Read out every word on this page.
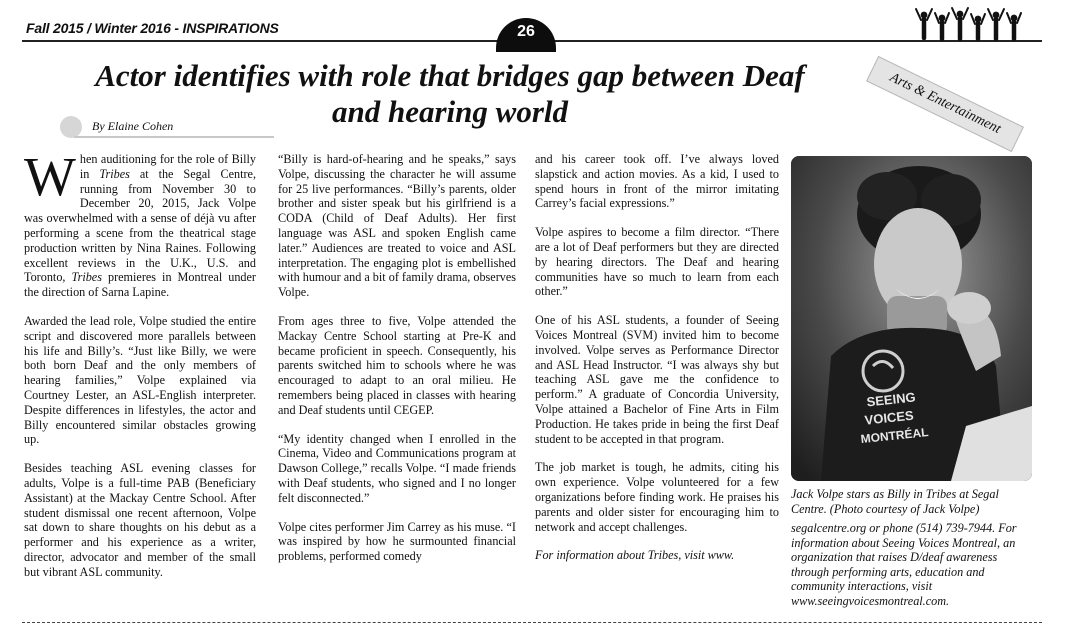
Fall 2015 / Winter 2016 - INSPIRATIONS	26
Arts & Entertainment
Actor identifies with role that bridges gap between Deaf and hearing world
By Elaine Cohen

When auditioning for the role of Billy in Tribes at the Segal Centre, running from November 30 to December 20, 2015, Jack Volpe was overwhelmed with a sense of déjà vu after performing a scene from the theatrical stage production written by Nina Raines. Following excellent reviews in the U.K., U.S. and Toronto, Tribes premieres in Montreal under the direction of Sarna Lapine.

Awarded the lead role, Volpe studied the entire script and discovered more parallels between his life and Billy’s. “Just like Billy, we were both born Deaf and the only members of hearing families,” Volpe explained via Courtney Lester, an ASL-English interpreter. Despite differences in lifestyles, the actor and Billy encountered similar obstacles growing up.

Besides teaching ASL evening classes for adults, Volpe is a full-time PAB (Beneficiary Assistant) at the Mackay Centre School. After student dismissal one recent afternoon, Volpe sat down to share thoughts on his debut as a performer and his experience as a writer, director, advocator and member of the small but vibrant ASL community.

“Billy is hard-of-hearing and he speaks,” says Volpe, discussing the character he will assume for 25 live performances. “Billy’s parents, older brother and sister speak but his girlfriend is a CODA (Child of Deaf Adults). Her first language was ASL and spoken English came later.” Audiences are treated to voice and ASL interpretation. The engaging plot is embellished with humour and a bit of family drama, observes Volpe.

From ages three to five, Volpe attended the Mackay Centre School starting at Pre-K and became proficient in speech. Consequently, his parents switched him to schools where he was encouraged to adapt to an oral milieu. He remembers being placed in classes with hearing and Deaf students until CEGEP.

“My identity changed when I enrolled in the Cinema, Video and Communications program at Dawson College,” recalls Volpe. “I made friends with Deaf students, who signed and I no longer felt disconnected.”

Volpe cites performer Jim Carrey as his muse. “I was inspired by how he surmounted financial problems, performed comedy

and his career took off. I’ve always loved slapstick and action movies. As a kid, I used to spend hours in front of the mirror imitating Carrey’s facial expressions.”

Volpe aspires to become a film director. “There are a lot of Deaf performers but they are directed by hearing directors. The Deaf and hearing communities have so much to learn from each other.”

One of his ASL students, a founder of Seeing Voices Montreal (SVM) invited him to become involved. Volpe serves as Performance Director and ASL Head Instructor. “I was always shy but teaching ASL gave me the confidence to perform.” A graduate of Concordia University, Volpe attained a Bachelor of Fine Arts in Film Production. He takes pride in being the first Deaf student to be accepted in that program.

The job market is tough, he admits, citing his own experience. Volpe volunteered for a few organizations before finding work. He praises his parents and older sister for encouraging him to network and accept challenges.

For information about Tribes, visit www.

SEEING
VOICES
MONTRÉAL

Jack Volpe stars as Billy in Tribes at Segal Centre. (Photo courtesy of Jack Volpe)

segalcentre.org or phone (514) 739-7944. For information about Seeing Voices Montreal, an organization that raises D/deaf awareness through performing arts, education and community interactions, visit www.seeingvoicesmontreal.com.
